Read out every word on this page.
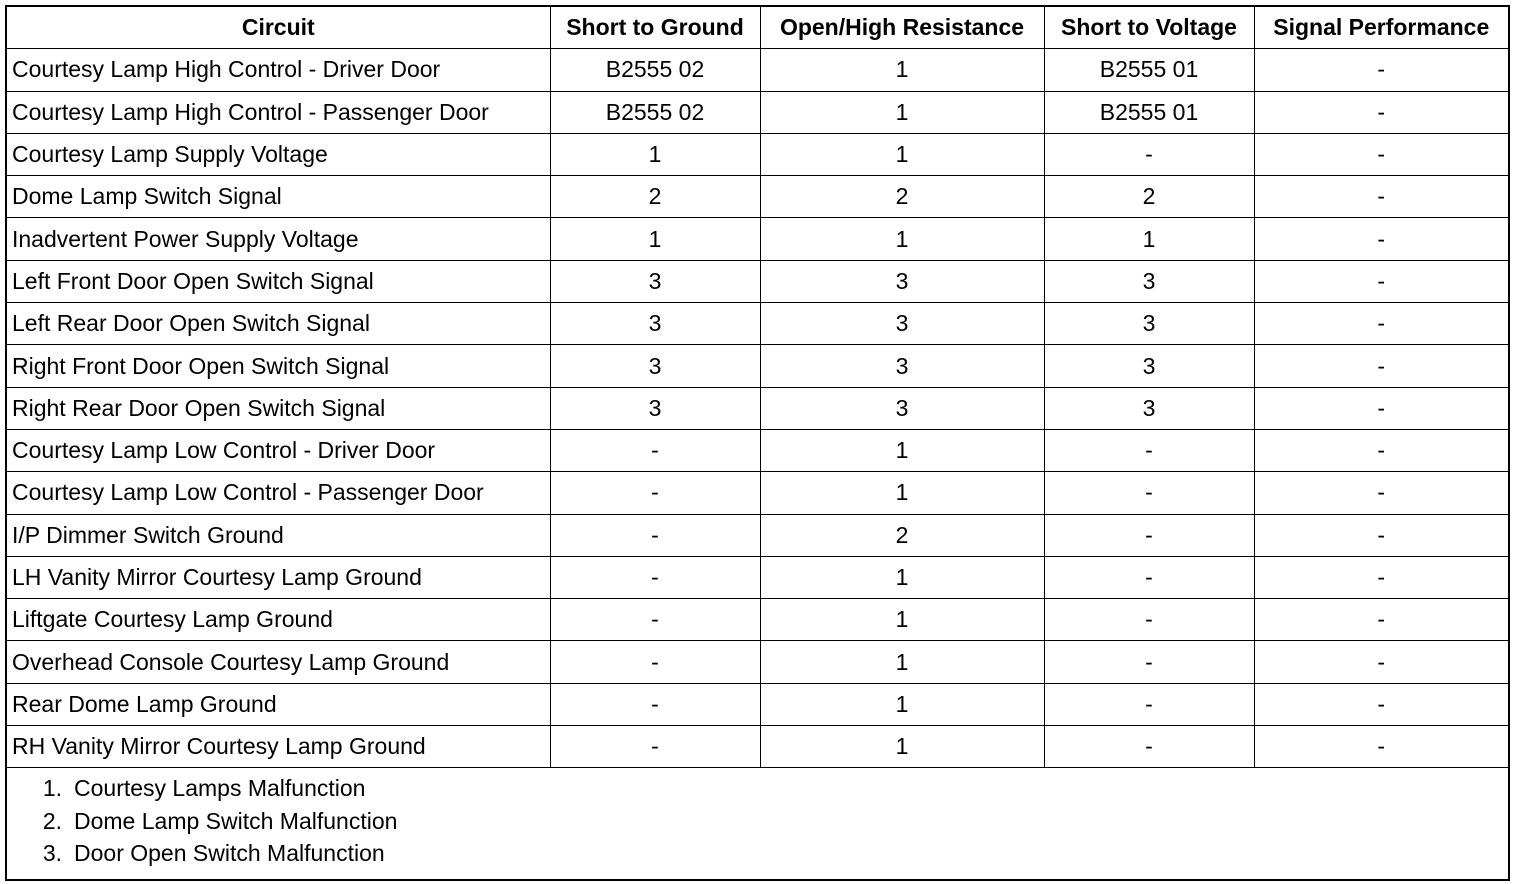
Circuit	Short to Ground	Open/High Resistance	Short to Voltage	Signal Performance
Courtesy Lamp High Control - Driver Door	B2555 02	1	B2555 01	-
Courtesy Lamp High Control - Passenger Door	B2555 02	1	B2555 01	-
Courtesy Lamp Supply Voltage	1	1	-	-
Dome Lamp Switch Signal	2	2	2	-
Inadvertent Power Supply Voltage	1	1	1	-
Left Front Door Open Switch Signal	3	3	3	-
Left Rear Door Open Switch Signal	3	3	3	-
Right Front Door Open Switch Signal	3	3	3	-
Right Rear Door Open Switch Signal	3	3	3	-
Courtesy Lamp Low Control - Driver Door	-	1	-	-
Courtesy Lamp Low Control - Passenger Door	-	1	-	-
I/P Dimmer Switch Ground	-	2	-	-
LH Vanity Mirror Courtesy Lamp Ground	-	1	-	-
Liftgate Courtesy Lamp Ground	-	1	-	-
Overhead Console Courtesy Lamp Ground	-	1	-	-
Rear Dome Lamp Ground	-	1	-	-
RH Vanity Mirror Courtesy Lamp Ground	-	1	-	-
1. Courtesy Lamps Malfunction
2. Dome Lamp Switch Malfunction
3. Door Open Switch Malfunction
